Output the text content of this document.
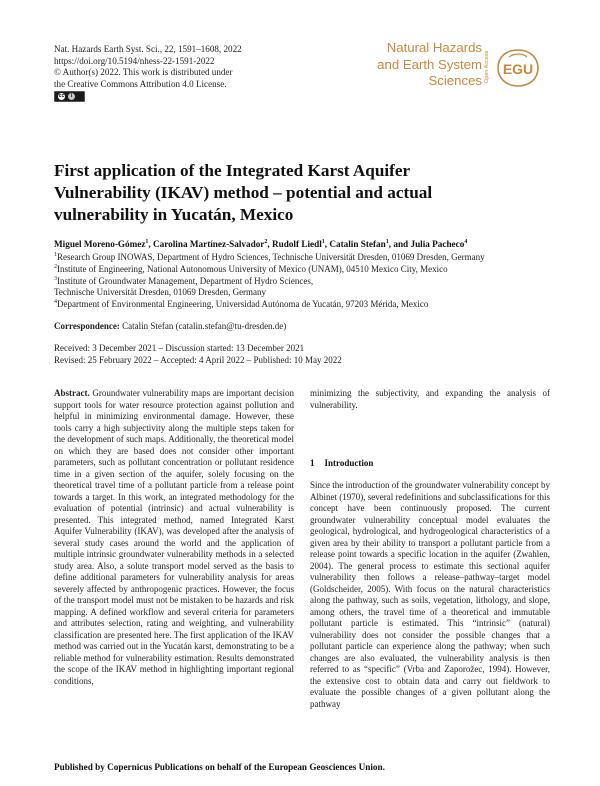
Nat. Hazards Earth Syst. Sci., 22, 1591–1608, 2022
https://doi.org/10.5194/nhess-22-1591-2022
© Author(s) 2022. This work is distributed under
the Creative Commons Attribution 4.0 License.
cc	i
Natural Hazards
and Earth System
Sciences Open Access EGU
First application of the Integrated Karst Aquifer Vulnerability (IKAV) method – potential and actual vulnerability in Yucatán, Mexico
Miguel Moreno-Gómez$^1$, Carolina Martínez-Salvador$^2$, Rudolf Liedl$^1$, Catalin Stefan$^1$, and Julia Pacheco$^4$
$^1$Research Group INOWAS, Department of Hydro Sciences, Technische Universität Dresden, 01069 Dresden, Germany
$^2$Institute of Engineering, National Autonomous University of Mexico (UNAM), 04510 Mexico City, Mexico
$^3$Institute of Groundwater Management, Department of Hydro Sciences,
Technische Universität Dresden, 01069 Dresden, Germany
$^4$Department of Environmental Engineering, Universidad Autónoma de Yucatán, 97203 Mérida, Mexico
Correspondence: Catalin Stefan (catalin.stefan@tu-dresden.de)
Received: 3 December 2021 – Discussion started: 13 December 2021
Revised: 25 February 2022 – Accepted: 4 April 2022 – Published: 10 May 2022
Abstract. Groundwater vulnerability maps are important decision support tools for water resource protection against pollution and helpful in minimizing environmental damage. However, these tools carry a high subjectivity along the multiple steps taken for the development of such maps. Additionally, the theoretical model on which they are based does not consider other important parameters, such as pollutant concentration or pollutant residence time in a given section of the aquifer, solely focusing on the theoretical travel time of a pollutant particle from a release point towards a target. In this work, an integrated methodology for the evaluation of potential (intrinsic) and actual vulnerability is presented. This integrated method, named Integrated Karst Aquifer Vulnerability (IKAV), was developed after the analysis of several study cases around the world and the application of multiple intrinsic groundwater vulnerability methods in a selected study area. Also, a solute transport model served as the basis to define additional parameters for vulnerability analysis for areas severely affected by anthropogenic practices. However, the focus of the transport model must not be mistaken to be hazards and risk mapping. A defined workflow and several criteria for parameters and attributes selection, rating and weighting, and vulnerability classification are presented here. The first application of the IKAV method was carried out in the Yucatán karst, demonstrating to be a reliable method for vulnerability estimation. Results demonstrated the scope of the IKAV method in highlighting important regional conditions,
minimizing the subjectivity, and expanding the analysis of vulnerability.
1 Introduction
Since the introduction of the groundwater vulnerability concept by Albinet (1970), several redefinitions and subclassifications for this concept have been continuously proposed. The current groundwater vulnerability conceptual model evaluates the geological, hydrological, and hydrogeological characteristics of a given area by their ability to transport a pollutant particle from a release point towards a specific location in the aquifer (Zwahlen, 2004). The general process to estimate this sectional aquifer vulnerability then follows a release–pathway–target model (Goldscheider, 2005). With focus on the natural characteristics along the pathway, such as soils, vegetation, lithology, and slope, among others, the travel time of a theoretical and immutable pollutant particle is estimated. This “intrinsic” (natural) vulnerability does not consider the possible changes that a pollutant particle can experience along the pathway; when such changes are also evaluated, the vulnerability analysis is then referred to as “specific” (Vrba and Zaporožec, 1994). However, the extensive cost to obtain data and carry out fieldwork to evaluate the possible changes of a given pollutant along the pathway
Published by Copernicus Publications on behalf of the European Geosciences Union.
